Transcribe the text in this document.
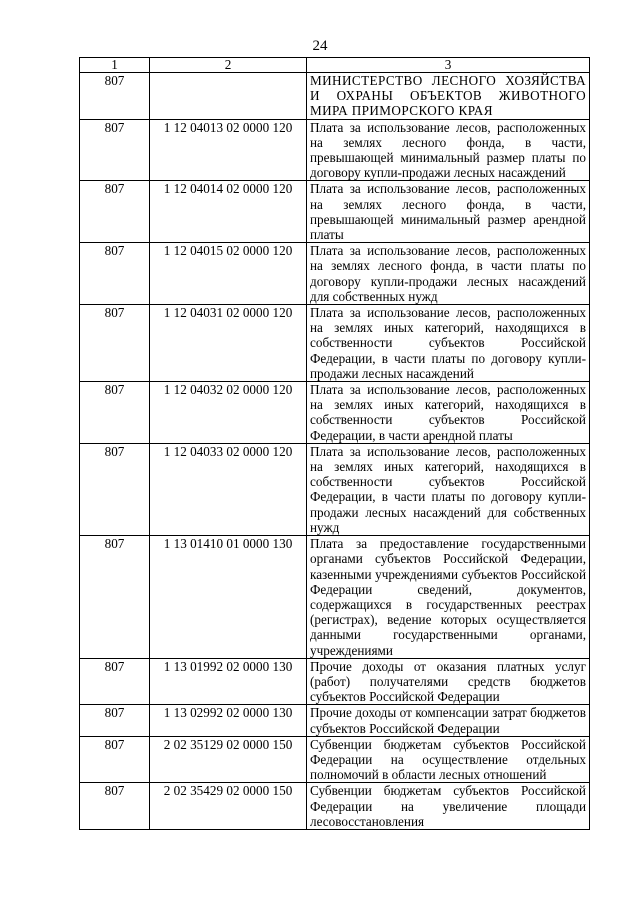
24
1	2	3
807		МИНИСТЕРСТВО ЛЕСНОГО ХОЗЯЙСТВА И ОХРАНЫ ОБЪЕКТОВ ЖИВОТНОГО МИРА ПРИМОРСКОГО КРАЯ
807	1 12 04013 02 0000 120	Плата за использование лесов, расположенных на землях лесного фонда, в части, превышающей минимальный размер платы по договору купли-продажи лесных насаждений
807	1 12 04014 02 0000 120	Плата за использование лесов, расположенных на землях лесного фонда, в части, превышающей минимальный размер арендной платы
807	1 12 04015 02 0000 120	Плата за использование лесов, расположенных на землях лесного фонда, в части платы по договору купли-продажи лесных насаждений для собственных нужд
807	1 12 04031 02 0000 120	Плата за использование лесов, расположенных на землях иных категорий, находящихся в собственности субъектов Российской Федерации, в части платы по договору купли-продажи лесных насаждений
807	1 12 04032 02 0000 120	Плата за использование лесов, расположенных на землях иных категорий, находящихся в собственности субъектов Российской Федерации, в части арендной платы
807	1 12 04033 02 0000 120	Плата за использование лесов, расположенных на землях иных категорий, находящихся в собственности субъектов Российской Федерации, в части платы по договору купли-продажи лесных насаждений для собственных нужд
807	1 13 01410 01 0000 130	Плата за предоставление государственными органами субъектов Российской Федерации, казенными учреждениями субъектов Российской Федерации сведений, документов, содержащихся в государственных реестрах (регистрах), ведение которых осуществляется данными государственными органами, учреждениями
807	1 13 01992 02 0000 130	Прочие доходы от оказания платных услуг (работ) получателями средств бюджетов субъектов Российской Федерации
807	1 13 02992 02 0000 130	Прочие доходы от компенсации затрат бюджетов субъектов Российской Федерации
807	2 02 35129 02 0000 150	Субвенции бюджетам субъектов Российской Федерации на осуществление отдельных полномочий в области лесных отношений
807	2 02 35429 02 0000 150	Субвенции бюджетам субъектов Российской Федерации на увеличение площади лесовосстановления
